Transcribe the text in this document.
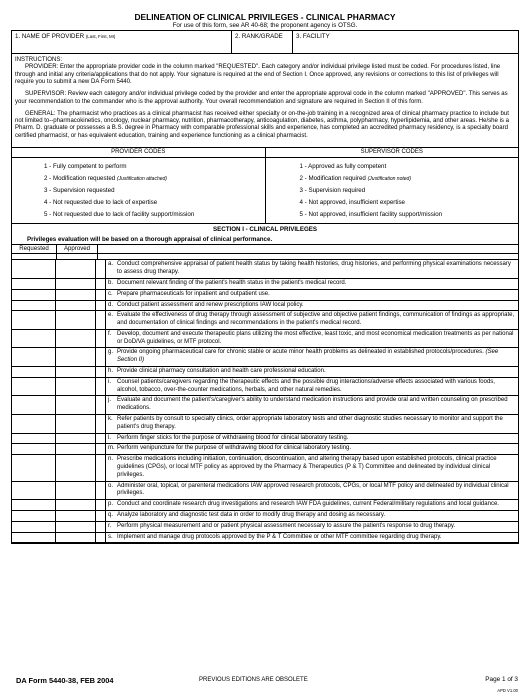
DELINEATION OF CLINICAL PRIVILEGES - CLINICAL PHARMACY
For use of this form, see AR 40-68; the proponent agency is OTSG.
1. NAME OF PROVIDER (Last, First, MI)	2. RANK/GRADE	3. FACILITY
INSTRUCTIONS:

PROVIDER: Enter the appropriate provider code in the column marked "REQUESTED". Each category and/or individual privilege listed must be coded. For procedures listed, line through and initial any criteria/applications that do not apply. Your signature is required at the end of Section I. Once approved, any revisions or corrections to this list of privileges will require you to submit a new DA Form 5440.

SUPERVISOR: Review each category and/or individual privilege coded by the provider and enter the appropriate approval code in the column marked "APPROVED". This serves as your recommendation to the commander who is the approval authority. Your overall recommendation and signature are required in Section II of this form.

GENERAL: The pharmacist who practices as a clinical pharmacist has received either specialty or on-the-job training in a recognized area of clinical pharmacy practice to include but not limited to--pharmacokinetics, oncology, nuclear pharmacy, nutrition, pharmacotherapy, anticoagulation, diabetes, asthma, polypharmacy, hyperlipidemia, and other areas. He/she is a Pharm. D. graduate or possesses a B.S. degree in Pharmacy with comparable professional skills and experience, has completed an accredited pharmacy residency, is a specialty board certified pharmacist, or has equivalent education, training and experience functioning as a clinical pharmacist.

PROVIDER CODES
1 - Fully competent to perform
2 - Modification requested (Justification attached)
3 - Supervision requested
4 - Not requested due to lack of expertise
5 - Not requested due to lack of facility support/mission
SUPERVISOR CODES
1 - Approved as fully competent
2 - Modification required (Justification noted)
3 - Supervision required
4 - Not approved, insufficient expertise
5 - Not approved, insufficient facility support/mission
SECTION I - CLINICAL PRIVILEGES
Privileges evaluation will be based on a thorough appraisal of clinical performance.
Requested	Approved
a. Conduct comprehensive appraisal of patient health status by taking health histories, drug histories, and performing physical examinations necessary to assess drug therapy.
b. Document relevant finding of the patient's health status in the patient's medical record.
c. Prepare pharmaceuticals for inpatient and outpatient use.
d. Conduct patient assessment and renew prescriptions IAW local policy.
e. Evaluate the effectiveness of drug therapy through assessment of subjective and objective patient findings, communication of findings as appropriate, and documentation of clinical findings and recommendations in the patient's medical record.
f. Develop, document and execute therapeutic plans utilizing the most effective, least toxic, and most economical medication treatments as per national or DoD/VA guidelines, or MTF protocol.
g. Provide ongoing pharmaceutical care for chronic stable or acute minor health problems as delineated in established protocols/procedures. (See Section II)
h. Provide clinical pharmacy consultation and health care professional education.
i. Counsel patients/caregivers regarding the therapeutic effects and the possible drug interactions/adverse effects associated with various foods, alcohol, tobacco, over-the-counter medications, herbals, and other natural remedies.
j. Evaluate and document the patient's/caregiver's ability to understand medication instructions and provide oral and written counseling on prescribed medications.
k. Refer patients by consult to specialty clinics, order appropriate laboratory tests and other diagnostic studies necessary to monitor and support the patient's drug therapy.
l. Perform finger sticks for the purpose of withdrawing blood for clinical laboratory testing.
m. Perform venipuncture for the purpose of withdrawing blood for clinical laboratory testing.
n. Prescribe medications including initiation, continuation, discontinuation, and altering therapy based upon established protocols, clinical practice guidelines (CPGs), or local MTF policy as approved by the Pharmacy & Therapeutics (P & T) Committee and delineated by individual clinical privileges.
o. Administer oral, topical, or parenteral medications IAW approved research protocols, CPGs, or local MTF policy and delineated by individual clinical privileges.
p. Conduct and coordinate research drug investigations and research IAW FDA guidelines, current Federal/military regulations and local guidance.
q. Analyze laboratory and diagnostic test data in order to modify drug therapy and dosing as necessary.
r. Perform physical measurement and or patient physical assessment necessary to assure the patient's response to drug therapy.
s. Implement and manage drug protocols approved by the P & T Committee or other MTF committee regarding drug therapy.
DA Form 5440-38, FEB 2004	PREVIOUS EDITIONS ARE OBSOLETE	Page 1 of 3
APD V1.00
